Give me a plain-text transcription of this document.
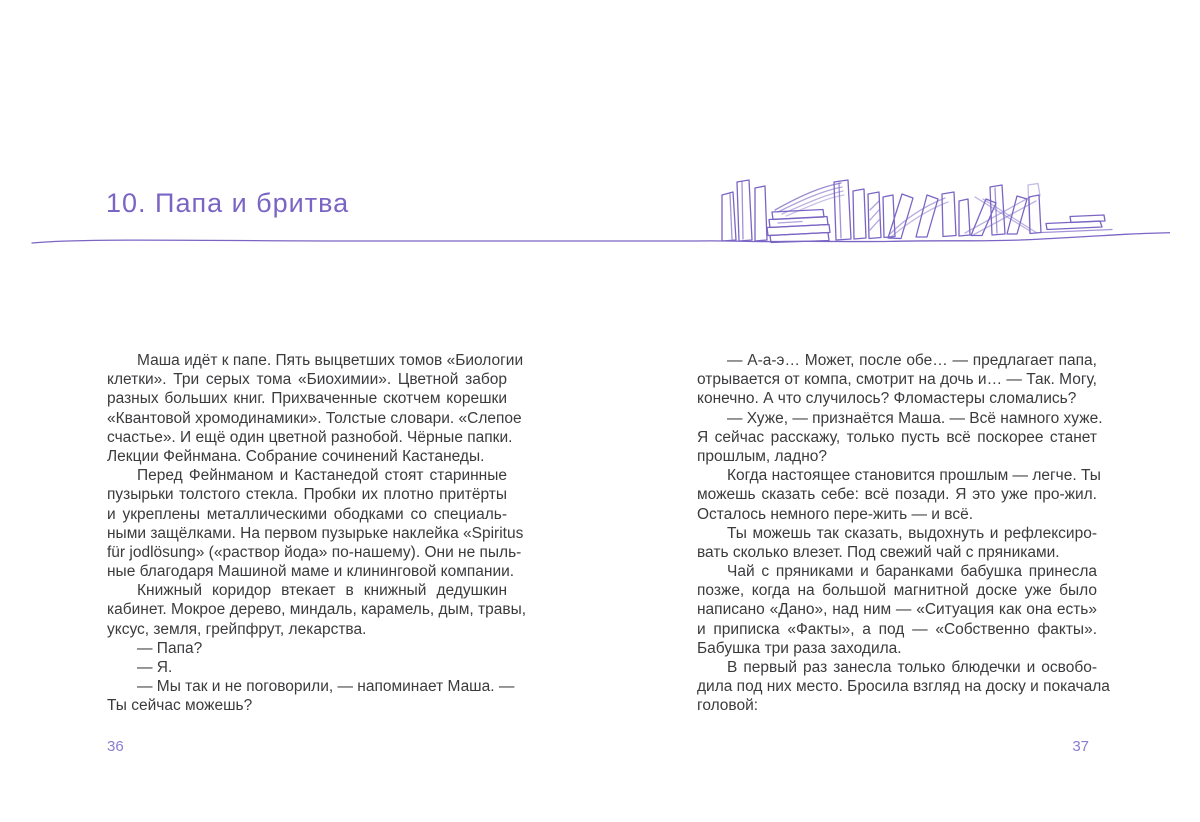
10. Папа и бритва
Маша идёт к папе. Пять выцветших томов «Биологии
клетки». Три серых тома «Биохимии». Цветной забор
разных больших книг. Прихваченные скотчем корешки
«Квантовой хромодинамики». Толстые словари. «Слепое
счастье». И ещё один цветной разнобой. Чёрные папки.
Лекции Фейнмана. Собрание сочинений Кастанеды.
Перед Фейнманом и Кастанедой стоят старинные
пузырьки толстого стекла. Пробки их плотно притёрты
и укреплены металлическими ободками со специаль-
ными защёлками. На первом пузырьке наклейка «Spiritus
für jodlösung» («раствор йода» по-нашему). Они не пыль-
ные благодаря Машиной маме и клининговой компании.
Книжный коридор втекает в книжный дедушкин
кабинет. Мокрое дерево, миндаль, карамель, дым, травы,
уксус, земля, грейпфрут, лекарства.
— Папа?
— Я.
— Мы так и не поговорили, — напоминает Маша. —
Ты сейчас можешь?
— А-а-э… Может, после обе… — предлагает папа,
отрывается от компа, смотрит на дочь и… — Так. Могу,
конечно. А что случилось? Фломастеры сломались?
— Хуже, — признаётся Маша. — Всё намного хуже.
Я сейчас расскажу, только пусть всё поскорее станет
прошлым, ладно?
Когда настоящее становится прошлым — легче. Ты
можешь сказать себе: всё позади. Я это уже про-жил.
Осталось немного пере-жить — и всё.
Ты можешь так сказать, выдохнуть и рефлексиро-
вать сколько влезет. Под свежий чай с пряниками.
Чай с пряниками и баранками бабушка принесла
позже, когда на большой магнитной доске уже было
написано «Дано», над ним — «Ситуация как она есть»
и приписка «Факты», а под — «Собственно факты».
Бабушка три раза заходила.
В первый раз занесла только блюдечки и освобо-
дила под них место. Бросила взгляд на доску и покачала
головой:
36	37
